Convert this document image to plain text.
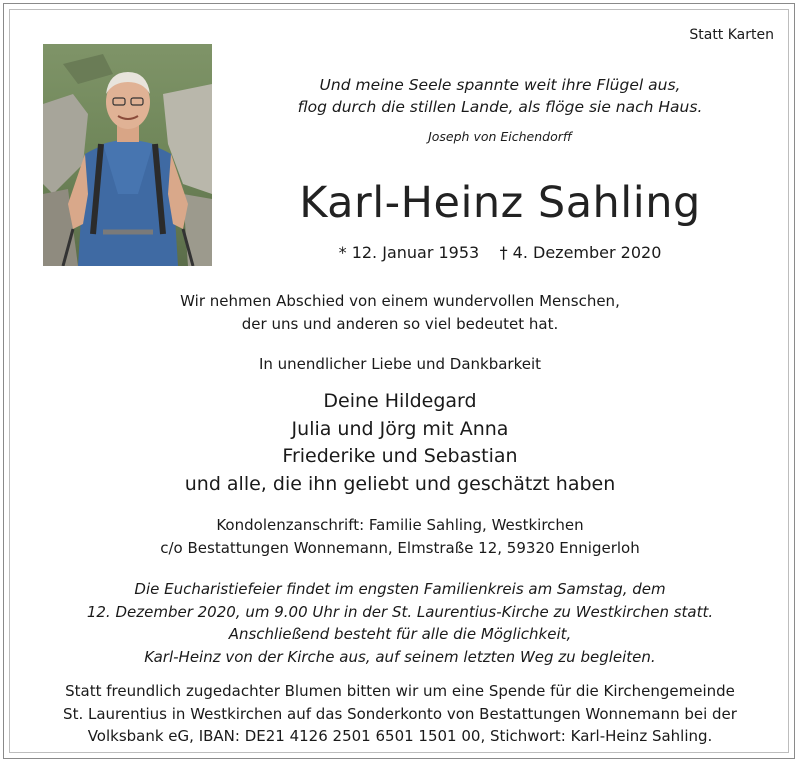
Statt Karten
Und meine Seele spannte weit ihre Flügel aus,
flog durch die stillen Lande, als flöge sie nach Haus.
Joseph von Eichendorff
Karl-Heinz Sahling
* 12. Januar 1953    † 4. Dezember 2020
Wir nehmen Abschied von einem wundervollen Menschen,
der uns und anderen so viel bedeutet hat.
In unendlicher Liebe und Dankbarkeit
Deine Hildegard
Julia und Jörg mit Anna
Friederike und Sebastian
und alle, die ihn geliebt und geschätzt haben
Kondolenzanschrift: Familie Sahling, Westkirchen
c/o Bestattungen Wonnemann, Elmstraße 12, 59320 Ennigerloh
Die Eucharistiefeier findet im engsten Familienkreis am Samstag, dem
12. Dezember 2020, um 9.00 Uhr in der St. Laurentius-Kirche zu Westkirchen statt.
Anschließend besteht für alle die Möglichkeit,
Karl-Heinz von der Kirche aus, auf seinem letzten Weg zu begleiten.
Statt freundlich zugedachter Blumen bitten wir um eine Spende für die Kirchengemeinde
St. Laurentius in Westkirchen auf das Sonderkonto von Bestattungen Wonnemann bei der
Volksbank eG, IBAN: DE21 4126 2501 6501 1501 00, Stichwort: Karl-Heinz Sahling.
